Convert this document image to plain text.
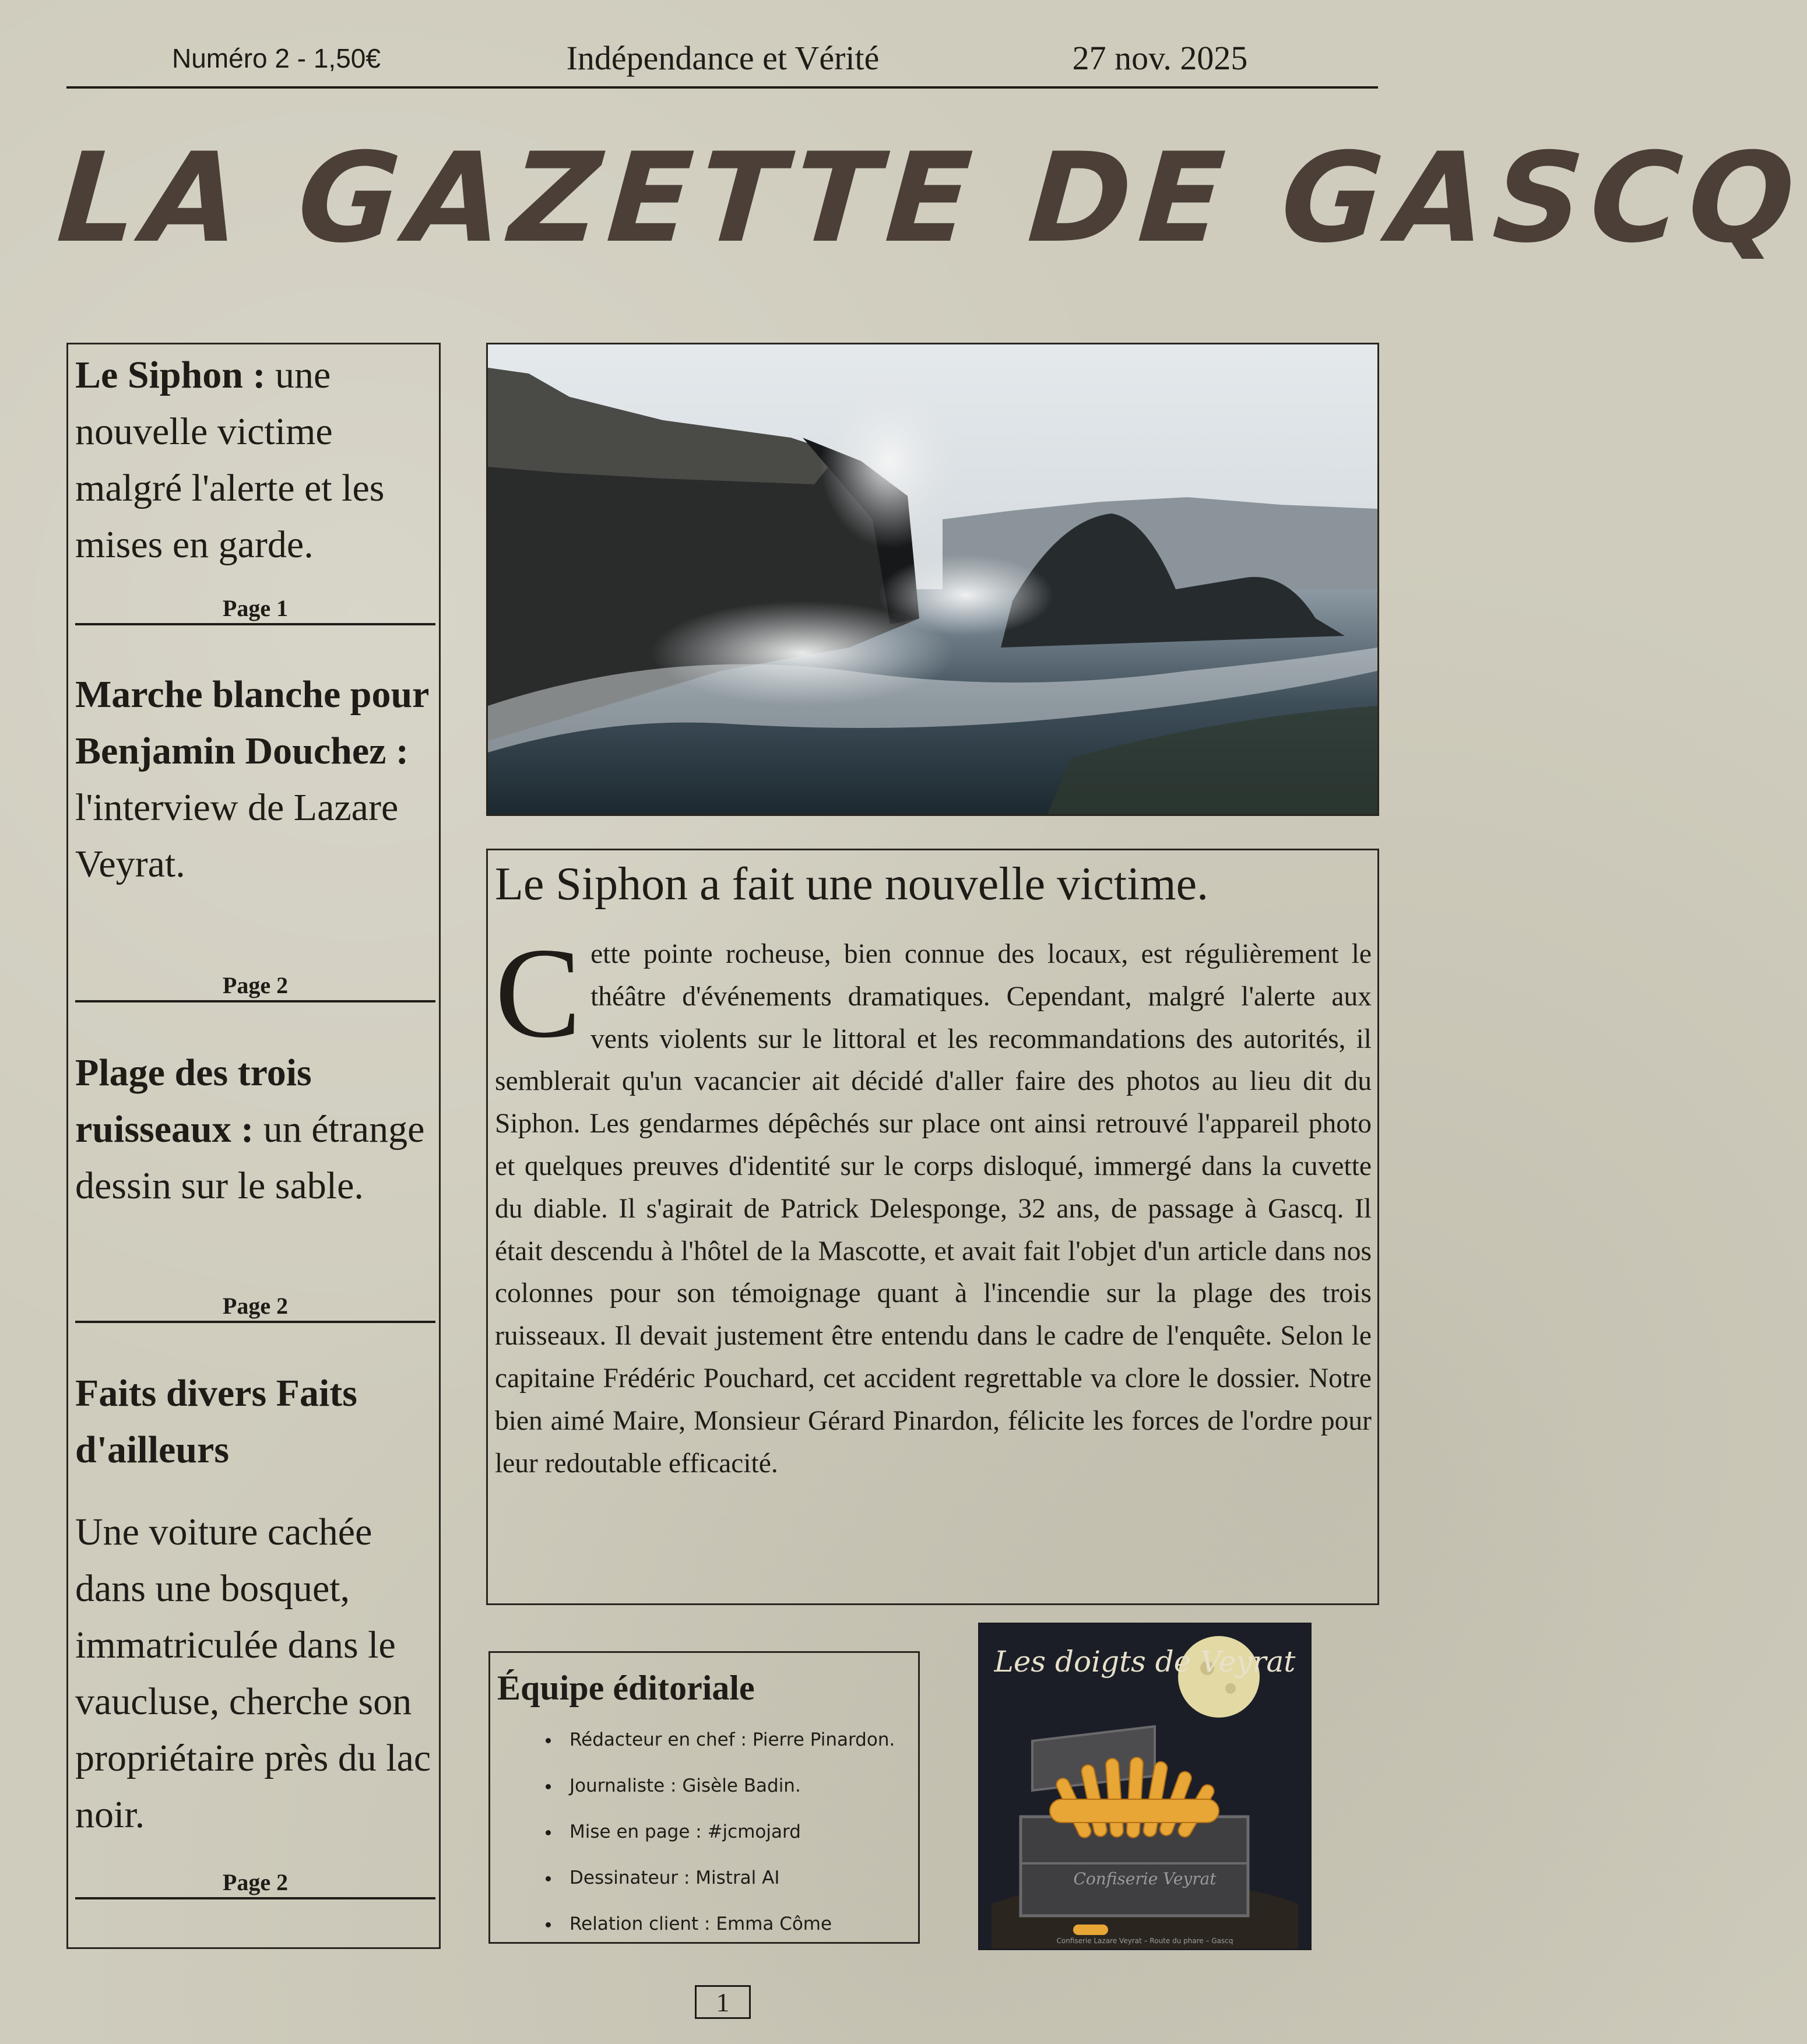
Numéro 2 - 1,50€	Indépendance et Vérité	27 nov. 2025
LA GAZETTE DE GASCQ
Le Siphon : une nouvelle victime malgré l'alerte et les mises en garde.
Page 1
Marche blanche pour Benjamin Douchez : l'interview de Lazare Veyrat.
Page 2
Plage des trois ruisseaux : un étrange dessin sur le sable.
Page 2
Faits divers Faits d'ailleurs
Une voiture cachée dans une bosquet, immatriculée dans le vaucluse, cherche son propriétaire près du lac noir.
Page 2
Le Siphon a fait une nouvelle victime.
Cette pointe rocheuse, bien connue des locaux, est régulièrement le théâtre d'événements dramatiques. Cependant, malgré l'alerte aux vents violents sur le littoral et les recommandations des autorités, il semblerait qu'un vacancier ait décidé d'aller faire des photos au lieu dit du Siphon. Les gendarmes dépêchés sur place ont ainsi retrouvé l'appareil photo et quelques preuves d'identité sur le corps disloqué, immergé dans la cuvette du diable. Il s'agirait de Patrick Delesponge, 32 ans, de passage à Gascq. Il était descendu à l'hôtel de la Mascotte, et avait fait l'objet d'un article dans nos colonnes pour son témoignage quant à l'incendie sur la plage des trois ruisseaux. Il devait justement être entendu dans le cadre de l'enquête. Selon le capitaine Frédéric Pouchard, cet accident regrettable va clore le dossier. Notre bien aimé Maire, Monsieur Gérard Pinardon, félicite les forces de l'ordre pour leur redoutable efficacité.
Équipe éditoriale
• Rédacteur en chef : Pierre Pinardon.
• Journaliste : Gisèle Badin.
• Mise en page : #jcmojard
• Dessinateur : Mistral AI
• Relation client : Emma Côme
Les doigts de Veyrat
Confiserie Veyrat
Confiserie Lazare Veyrat – Route du phare – Gascq
1
